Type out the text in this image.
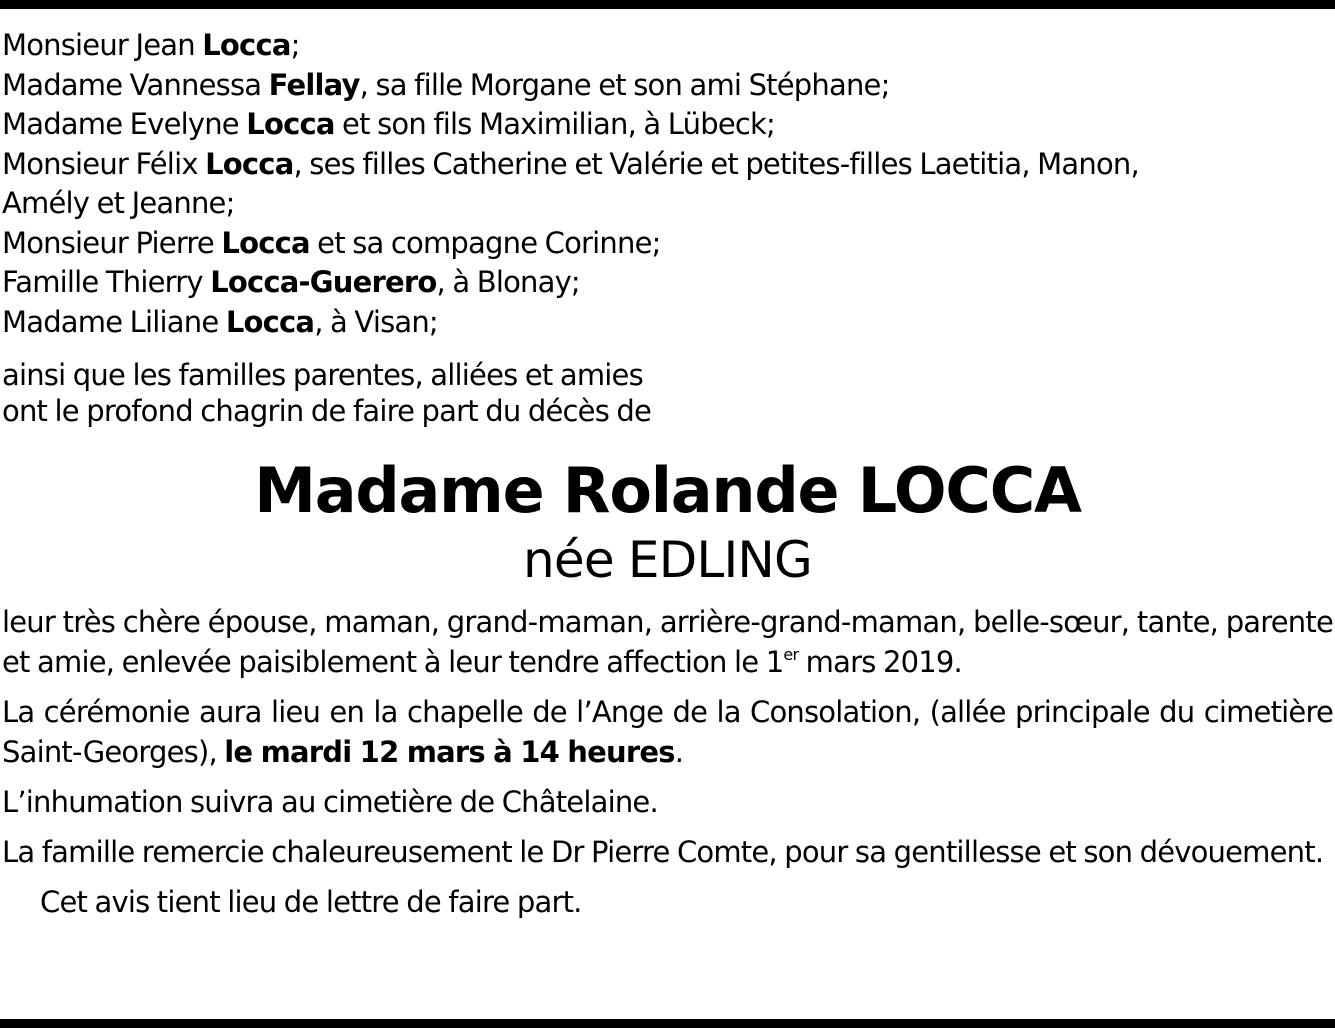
Monsieur Jean Locca;
Madame Vannessa Fellay, sa fille Morgane et son ami Stéphane;
Madame Evelyne Locca et son fils Maximilian, à Lübeck;
Monsieur Félix Locca, ses filles Catherine et Valérie et petites-filles Laetitia, Manon,
Amély et Jeanne;
Monsieur Pierre Locca et sa compagne Corinne;
Famille Thierry Locca-Guerero, à Blonay;
Madame Liliane Locca, à Visan;
ainsi que les familles parentes, alliées et amies
ont le profond chagrin de faire part du décès de
Madame Rolande LOCCA
née EDLING
leur très chère épouse, maman, grand-maman, arrière-grand-maman, belle-sœur, tante, parente et amie, enlevée paisiblement à leur tendre affection le 1er mars 2019.
La cérémonie aura lieu en la chapelle de l’Ange de la Consolation, (allée principale du cimetière Saint-Georges), le mardi 12 mars à 14 heures.
L’inhumation suivra au cimetière de Châtelaine.
La famille remercie chaleureusement le Dr Pierre Comte, pour sa gentillesse et son dévouement.
Cet avis tient lieu de lettre de faire part.
